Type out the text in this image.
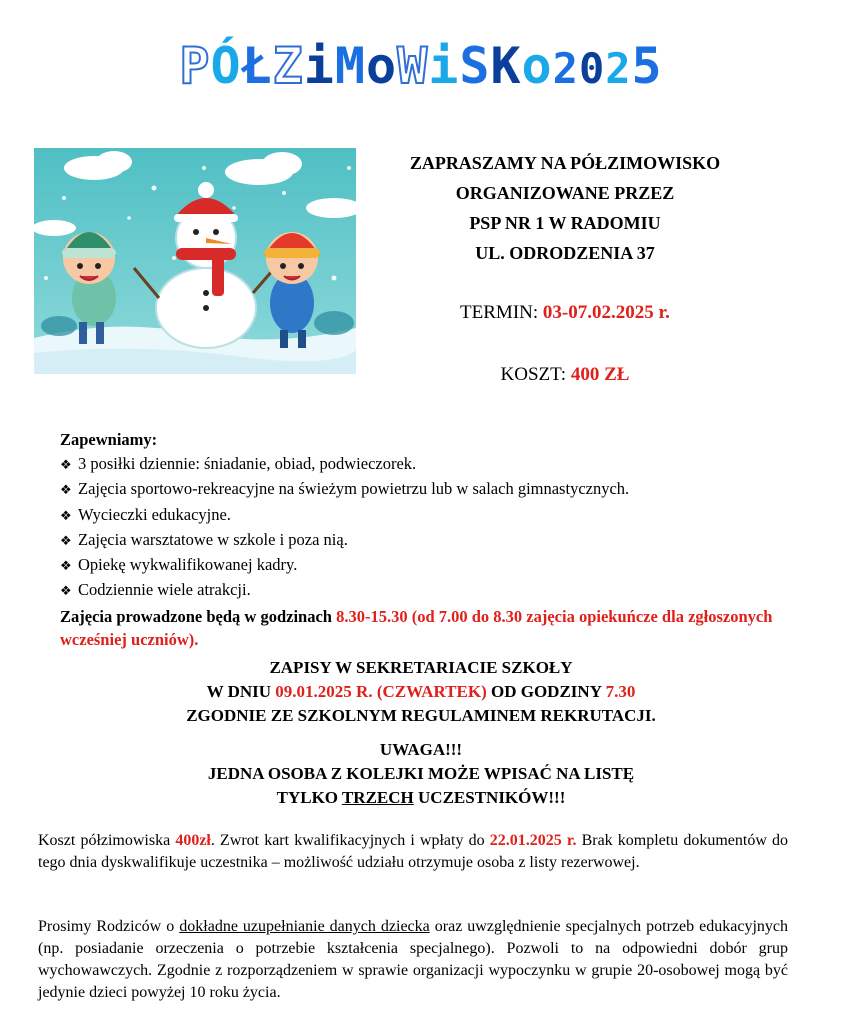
PÓŁZiMoWiSKo2025
ZAPRASZAMY NA PÓŁZIMOWISKO
ORGANIZOWANE PRZEZ
PSP NR 1 W RADOMIU
UL. ODRODZENIA 37
TERMIN: 03-07.02.2025 r.
KOSZT: 400 ZŁ
Zapewniamy:
❖ 3 posiłki dziennie: śniadanie, obiad, podwieczorek.
❖ Zajęcia sportowo-rekreacyjne na świeżym powietrzu lub w salach gimnastycznych.
❖ Wycieczki edukacyjne.
❖ Zajęcia warsztatowe w szkole i poza nią.
❖ Opiekę wykwalifikowanej kadry.
❖ Codziennie wiele atrakcji.
Zajęcia prowadzone będą w godzinach 8.30-15.30 (od 7.00 do 8.30 zajęcia opiekuńcze dla zgłoszonych wcześniej uczniów).
ZAPISY W SEKRETARIACIE SZKOŁY
W DNIU 09.01.2025 R. (CZWARTEK) OD GODZINY 7.30
ZGODNIE ZE SZKOLNYM REGULAMINEM REKRUTACJI.
UWAGA!!!
JEDNA OSOBA Z KOLEJKI MOŻE WPISAĆ NA LISTĘ
TYLKO TRZECH UCZESTNIKÓW!!!
Koszt półzimowiska 400zł. Zwrot kart kwalifikacyjnych i wpłaty do 22.01.2025 r. Brak kompletu dokumentów do tego dnia dyskwalifikuje uczestnika – możliwość udziału otrzymuje osoba z listy rezerwowej.
Prosimy Rodziców o dokładne uzupełnianie danych dziecka oraz uwzględnienie specjalnych potrzeb edukacyjnych (np. posiadanie orzeczenia o potrzebie kształcenia specjalnego). Pozwoli to na odpowiedni dobór grup wychowawczych. Zgodnie z rozporządzeniem w sprawie organizacji wypoczynku w grupie 20-osobowej mogą być jedynie dzieci powyżej 10 roku życia.
